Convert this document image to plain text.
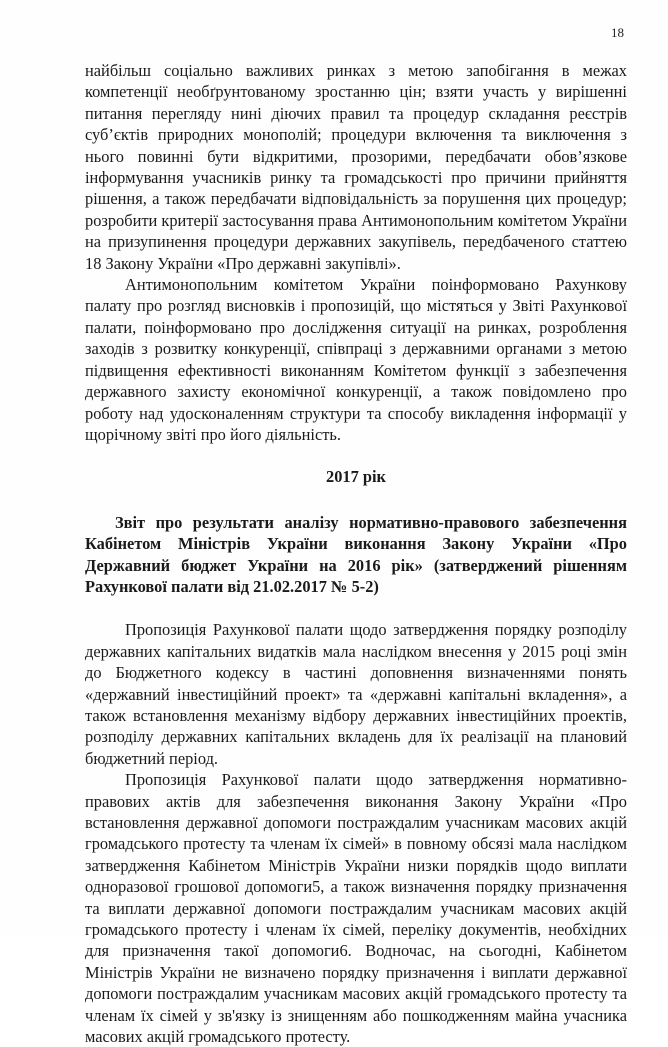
18

найбільш соціально важливих ринках з метою запобігання в межах компетенції необґрунтованому зростанню цін; взяти участь у вирішенні питання перегляду нині діючих правил та процедур складання реєстрів суб’єктів природних монополій; процедури включення та виключення з нього повинні бути відкритими, прозорими, передбачати обов’язкове інформування учасників ринку та громадськості про причини прийняття рішення, а також передбачати відповідальність за порушення цих процедур; розробити критерії застосування права Антимонопольним комітетом України на призупинення процедури державних закупівель, передбаченого статтею 18 Закону України «Про державні закупівлі».

Антимонопольним комітетом України поінформовано Рахункову палату про розгляд висновків і пропозицій, що містяться у Звіті Рахункової палати, поінформовано про дослідження ситуації на ринках, розроблення заходів з розвитку конкуренції, співпраці з державними органами з метою підвищення ефективності виконанням Комітетом функції з забезпечення державного захисту економічної конкуренції, а також повідомлено про роботу над удосконаленням структури та способу викладення інформації у щорічному звіті про його діяльність.

2017 рік

Звіт про результати аналізу нормативно-правового забезпечення Кабінетом Міністрів України виконання Закону України «Про Державний бюджет України на 2016 рік» (затверджений рішенням Рахункової палати від 21.02.2017 № 5-2)

Пропозиція Рахункової палати щодо затвердження порядку розподілу державних капітальних видатків мала наслідком внесення у 2015 році змін до Бюджетного кодексу в частині доповнення визначеннями понять «державний інвестиційний проект» та «державні капітальні вкладення», а також встановлення механізму відбору державних інвестиційних проектів, розподілу державних капітальних вкладень для їх реалізації на плановий бюджетний період.

Пропозиція Рахункової палати щодо затвердження нормативно-правових актів для забезпечення виконання Закону України «Про встановлення державної допомоги постраждалим учасникам масових акцій громадського протесту та членам їх сімей» в повному обсязі мала наслідком затвердження Кабінетом Міністрів України низки порядків щодо виплати одноразової грошової допомоги5, а також визначення порядку призначення та виплати державної допомоги постраждалим учасникам масових акцій громадського протесту і членам їх сімей, переліку документів, необхідних для призначення такої допомоги6. Водночас, на сьогодні, Кабінетом Міністрів України не визначено порядку призначення і виплати державної допомоги постраждалим учасникам масових акцій громадського протесту та членам їх сімей у зв'язку із знищенням або пошкодженням майна учасника масових акцій громадського протесту.
